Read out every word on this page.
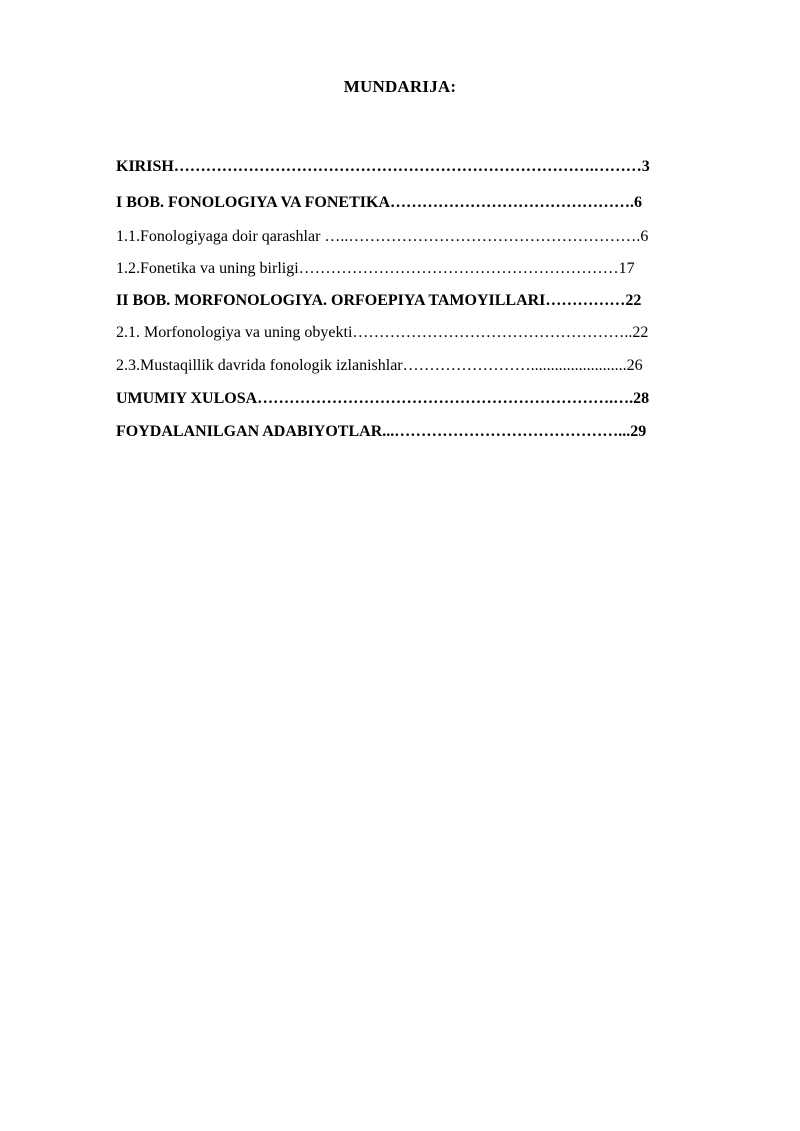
MUNDARIJA:
KIRISH…………………………………………………………………….………3
I BOB. FONOLOGIYA VA FONETIKA……………………………………….6
1.1.Fonologiyaga doir qarashlar …..……………………………………………….6
1.2.Fonetika va uning birligi……………………………………………………17
II BOB. MORFONOLOGIYA. ORFOEPIYA TAMOYILLARI……………22
2.1. Morfonologiya va uning obyekti……………………………………………..22
2.3.Mustaqillik davrida fonologik izlanishlar……………………........................26
UMUMIY XULOSA………………………………………………………….….28
FOYDALANILGAN ADABIYOTLAR...……………………………………...29
